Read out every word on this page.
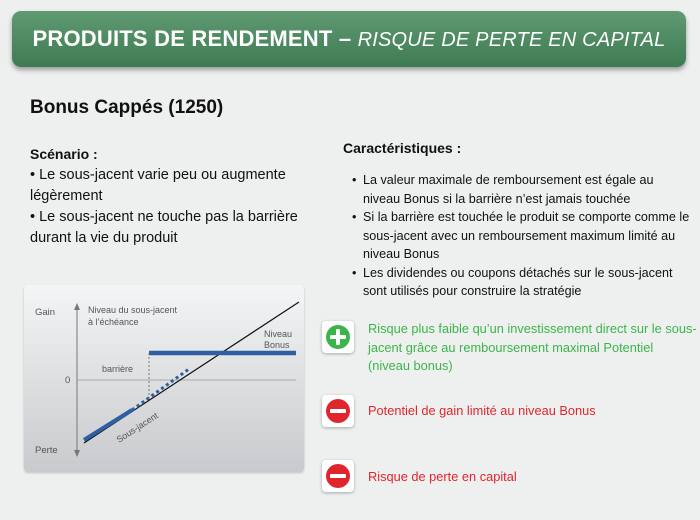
PRODUITS DE RENDEMENT – RISQUE DE PERTE EN CAPITAL
Bonus Cappés (1250)
Scénario :

• Le sous-jacent varie peu ou augmente légèrement

• Le sous-jacent ne touche pas la barrière durant la vie du produit

Caractéristiques :
• La valeur maximale de remboursement est égale au niveau Bonus si la barrière n’est jamais touchée
• Si la barrière est touchée le produit se comporte comme le sous-jacent avec un remboursement maximum limité au niveau Bonus
• Les dividendes ou coupons détachés sur le sous-jacent sont utilisés pour construire la stratégie
Gain
Perte
0
Niveau du sous-jacent
à l’échéance
barrière
Niveau
Bonus
Sous-jacent
Risque plus faible qu’un investissement direct sur le sous-jacent grâce au remboursement maximal Potentiel (niveau bonus)
Potentiel de gain limité au niveau Bonus
Risque de perte en capital
